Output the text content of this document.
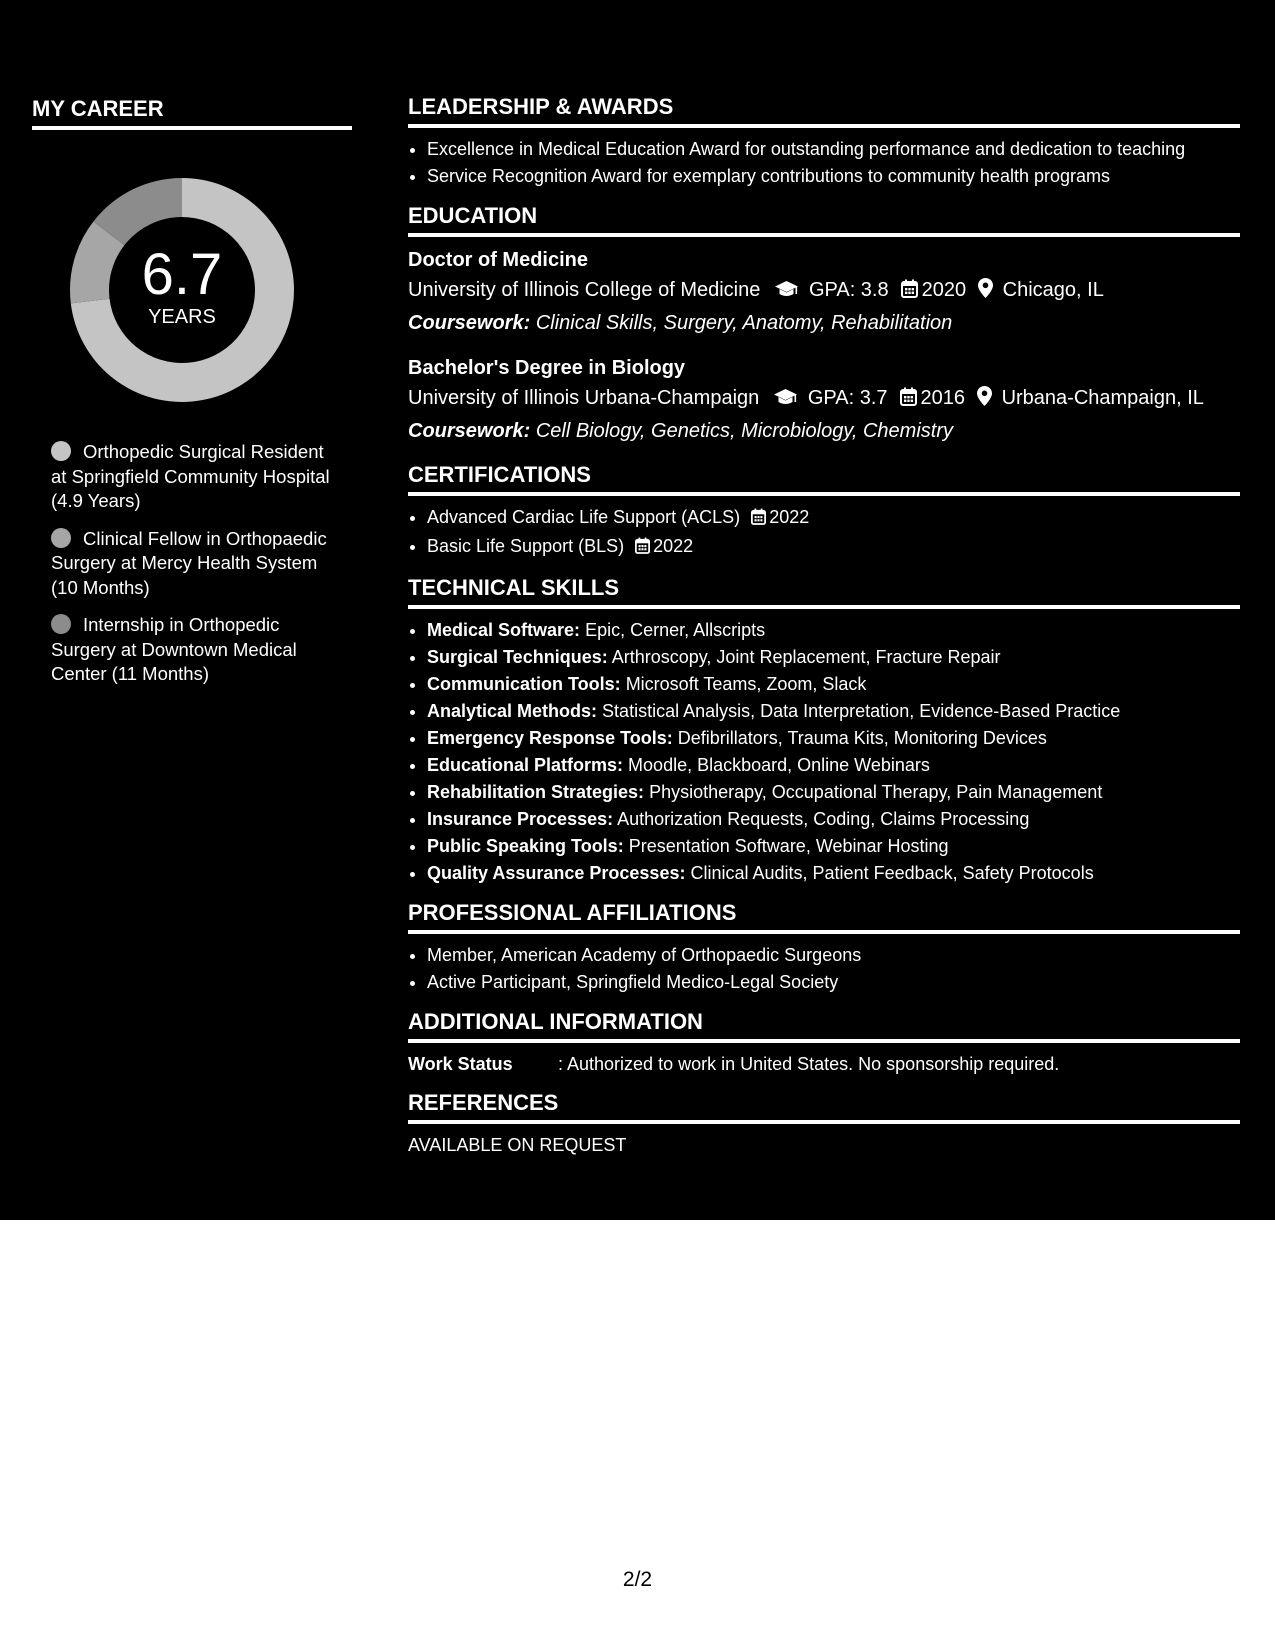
MY CAREER
6.7
YEARS
Orthopedic Surgical Resident at Springfield Community Hospital (4.9 Years)
Clinical Fellow in Orthopaedic Surgery at Mercy Health System (10 Months)
Internship in Orthopedic Surgery at Downtown Medical Center (11 Months)
LEADERSHIP & AWARDS
• Excellence in Medical Education Award for outstanding performance and dedication to teaching
• Service Recognition Award for exemplary contributions to community health programs
EDUCATION
Doctor of Medicine
University of Illinois College of Medicine GPA: 3.8 2020 Chicago, IL
Coursework: Clinical Skills, Surgery, Anatomy, Rehabilitation
Bachelor's Degree in Biology
University of Illinois Urbana-Champaign GPA: 3.7 2016 Urbana-Champaign, IL
Coursework: Cell Biology, Genetics, Microbiology, Chemistry
CERTIFICATIONS
• Advanced Cardiac Life Support (ACLS) 2022
• Basic Life Support (BLS) 2022
TECHNICAL SKILLS
• Medical Software: Epic, Cerner, Allscripts
• Surgical Techniques: Arthroscopy, Joint Replacement, Fracture Repair
• Communication Tools: Microsoft Teams, Zoom, Slack
• Analytical Methods: Statistical Analysis, Data Interpretation, Evidence-Based Practice
• Emergency Response Tools: Defibrillators, Trauma Kits, Monitoring Devices
• Educational Platforms: Moodle, Blackboard, Online Webinars
• Rehabilitation Strategies: Physiotherapy, Occupational Therapy, Pain Management
• Insurance Processes: Authorization Requests, Coding, Claims Processing
• Public Speaking Tools: Presentation Software, Webinar Hosting
• Quality Assurance Processes: Clinical Audits, Patient Feedback, Safety Protocols
PROFESSIONAL AFFILIATIONS
• Member, American Academy of Orthopaedic Surgeons
• Active Participant, Springfield Medico-Legal Society
ADDITIONAL INFORMATION
Work Status	: Authorized to work in United States. No sponsorship required.
REFERENCES
AVAILABLE ON REQUEST
2/2
